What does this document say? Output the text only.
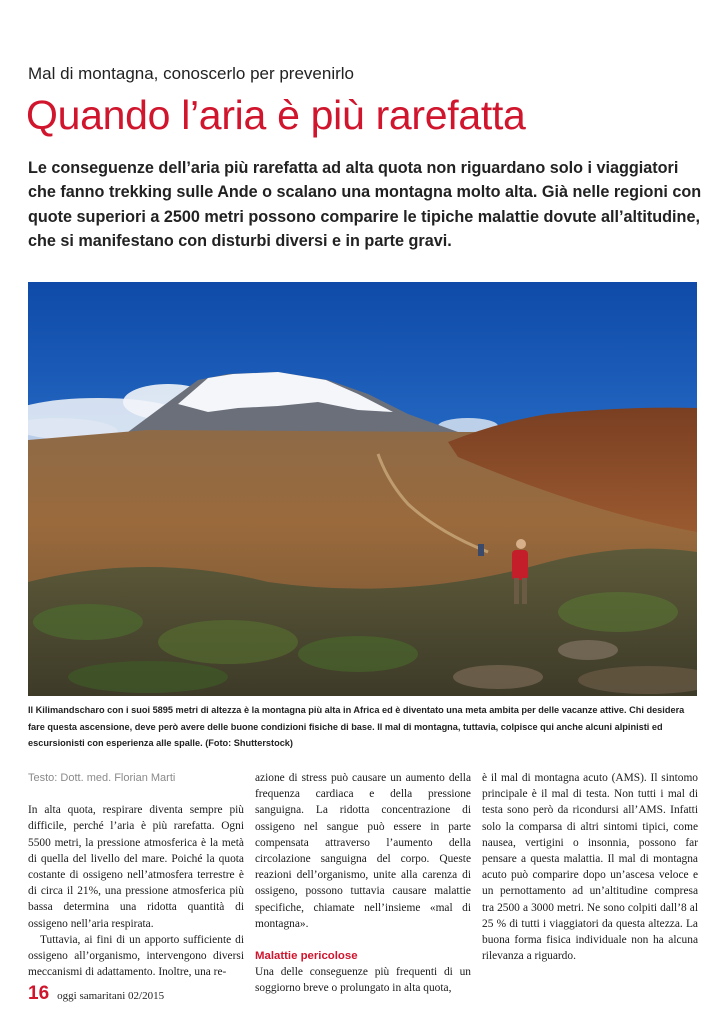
Mal di montagna, conoscerlo per prevenirlo
Quando l’aria è più rarefatta

Le conseguenze dell’aria più rarefatta ad alta quota non riguardano solo i viaggiatori che fanno trekking sulle Ande o scalano una montagna molto alta. Già nelle regioni con quote superiori a 2500 metri possono comparire le tipiche malattie dovute all’altitudine, che si manifestano con disturbi diversi e in parte gravi.

Il Kilimandscharo con i suoi 5895 metri di altezza è la montagna più alta in Africa ed è diventato una meta ambita per delle vacanze attive. Chi desidera fare questa ascensione, deve però avere delle buone condizioni fisiche di base. Il mal di montagna, tuttavia, colpisce qui anche alcuni alpinisti ed escursionisti con esperienza alle spalle. (Foto: Shutterstock)

Testo: Dott. med. Florian Marti

In alta quota, respirare diventa sempre più difficile, perché l’aria è più rarefatta. Ogni 5500 metri, la pressione atmosferica è la metà di quella del livello del mare. Poiché la quota costante di ossigeno nell’atmosfera terrestre è di circa il 21%, una pressione atmosferica più bassa determina una ridotta quantità di ossigeno nell’aria respirata.

Tuttavia, ai fini di un apporto sufficiente di ossigeno all’organismo, intervengono diversi meccanismi di adattamento. Inoltre, una re-

azione di stress può causare un aumento della frequenza cardiaca e della pressione sanguigna. La ridotta concentrazione di ossigeno nel sangue può essere in parte compensata attraverso l’aumento della circolazione sanguigna del corpo. Queste reazioni dell’organismo, unite alla carenza di ossigeno, possono tuttavia causare malattie specifiche, chiamate nell’insieme «mal di montagna».

Malattie pericolose

Una delle conseguenze più frequenti di un soggiorno breve o prolungato in alta quota,

è il mal di montagna acuto (AMS). Il sintomo principale è il mal di testa. Non tutti i mal di testa sono però da ricondursi all’AMS. Infatti solo la comparsa di altri sintomi tipici, come nausea, vertigini o insonnia, possono far pensare a questa malattia. Il mal di montagna acuto può comparire dopo un’ascesa veloce e un pernottamento ad un’altitudine compresa tra 2500 a 3000 metri. Ne sono colpiti dall’8 al 25 % di tutti i viaggiatori da questa altezza. La buona forma fisica individuale non ha alcuna rilevanza a riguardo.

16 oggi samaritani 02/2015
